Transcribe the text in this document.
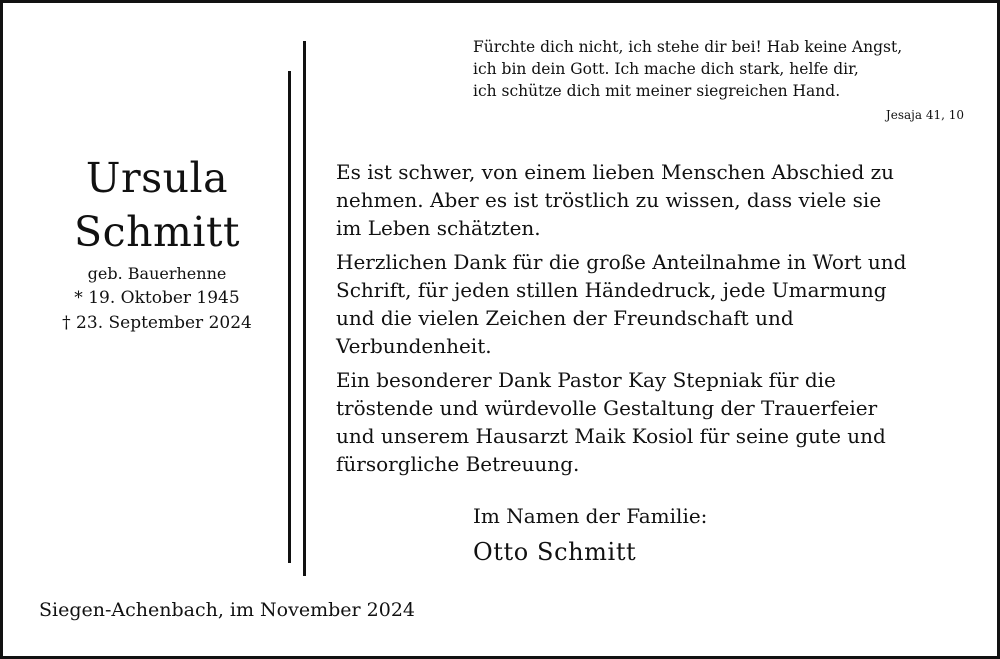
Ursula
Schmitt
geb. Bauerhenne
* 19. Oktober 1945
† 23. September 2024
Fürchte dich nicht, ich stehe dir bei! Hab keine Angst,
ich bin dein Gott. Ich mache dich stark, helfe dir,
ich schütze dich mit meiner siegreichen Hand.
Jesaja 41, 10

Es ist schwer, von einem lieben Menschen Abschied zu
nehmen. Aber es ist tröstlich zu wissen, dass viele sie
im Leben schätzten.

Herzlichen Dank für die große Anteilnahme in Wort und
Schrift, für jeden stillen Händedruck, jede Umarmung
und die vielen Zeichen der Freundschaft und
Verbundenheit.

Ein besonderer Dank Pastor Kay Stepniak für die
tröstende und würdevolle Gestaltung der Trauerfeier
und unserem Hausarzt Maik Kosiol für seine gute und
fürsorgliche Betreuung.

Im Namen der Familie:
Otto Schmitt
Siegen-Achenbach, im November 2024
